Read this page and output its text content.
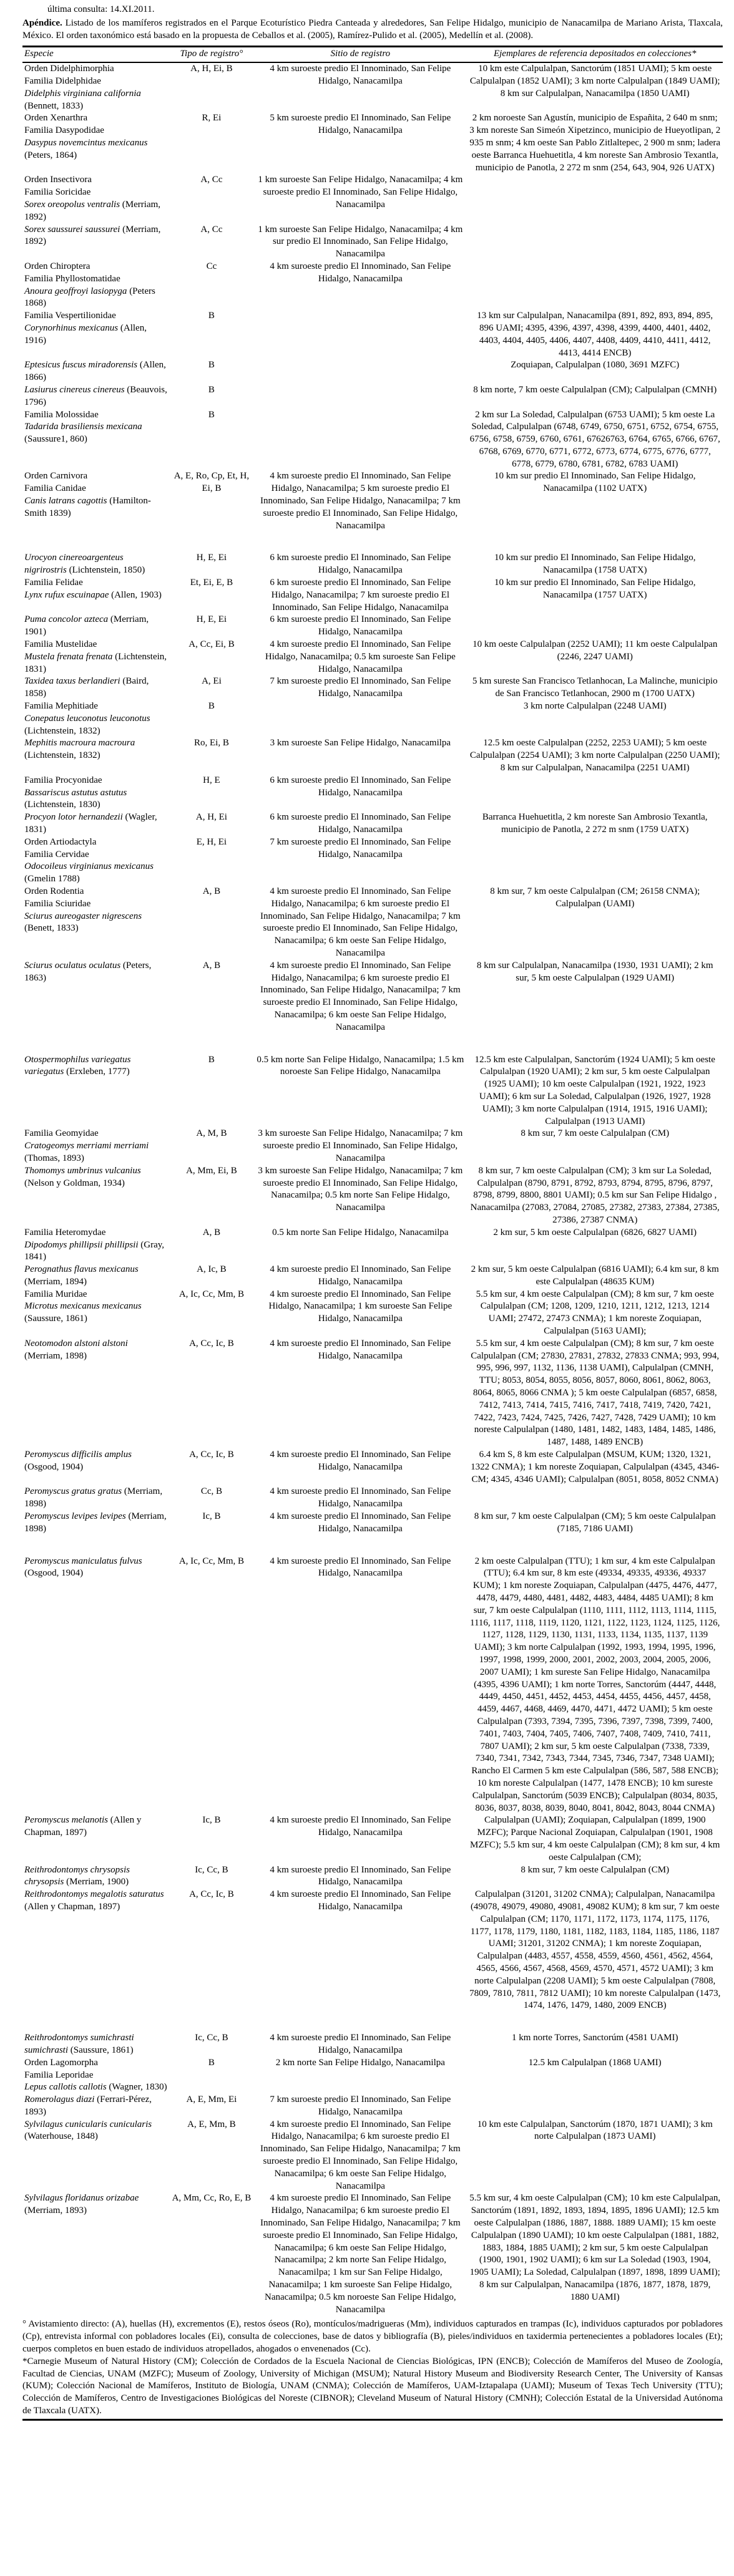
última consulta: 14.XI.2011.

Apéndice. Listado de los mamíferos registrados en el Parque Ecoturístico Piedra Canteada y alrededores, San Felipe Hidalgo, municipio de Nanacamilpa de Mariano Arista, Tlaxcala, México. El orden taxonómico está basado en la propuesta de Ceballos et al. (2005), Ramírez-Pulido et al. (2005), Medellín et al. (2008).

Especie	Tipo de registro°	Sitio de registro	Ejemplares de referencia depositados en colecciones*

Orden Didelphimorphia
Familia Didelphidae
Didelphis virginiana california (Bennett, 1833)	A, H, Ei, B	4 km suroeste predio El Innominado, San Felipe Hidalgo, Nanacamilpa	10 km este Calpulalpan, Sanctorúm (1851 UAMI); 5 km oeste Calpulalpan (1852 UAMI); 3 km norte Calpulalpan (1849 UAMI); 8 km sur Calpulalpan, Nanacamilpa (1850 UAMI)

Orden Xenarthra
Familia Dasypodidae
Dasypus novemcintus mexicanus (Peters, 1864)
	R, Ei	5 km suroeste predio El Innominado, San Felipe Hidalgo, Nanacamilpa	2 km noroeste San Agustín, municipio de Españita, 2 640 m snm; 3 km noreste San Simeón Xipetzinco, municipio de Hueyotlipan, 2 935 m snm; 4 km oeste San Pablo Zitlaltepec, 2 900 m snm; ladera oeste Barranca Huehuetitla, 4 km noreste San Ambrosio Texantla, municipio de Panotla, 2 272 m snm (254, 643, 904, 926 UATX)

Orden Insectivora
Familia Soricidae
Sorex oreopolus ventralis (Merriam, 1892)	A, Cc	1 km suroeste San Felipe Hidalgo, Nanacamilpa; 4 km suroeste predio El Innominado, San Felipe Hidalgo, Nanacamilpa	

Sorex saussurei saussurei (Merriam, 1892)	A, Cc	1 km suroeste San Felipe Hidalgo, Nanacamilpa; 4 km sur predio El Innominado, San Felipe Hidalgo, Nanacamilpa	

Orden Chiroptera
Familia Phyllostomatidae
Anoura geoffroyi lasiopyga (Peters 1868)	Cc	4 km suroeste predio El Innominado, San Felipe Hidalgo, Nanacamilpa	

Familia Vespertilionidae
Corynorhinus mexicanus (Allen, 1916)	B		13 km sur Calpulalpan, Nanacamilpa (891, 892, 893, 894, 895, 896 UAMI; 4395, 4396, 4397, 4398, 4399, 4400, 4401, 4402, 4403, 4404, 4405, 4406, 4407, 4408, 4409, 4410, 4411, 4412, 4413, 4414 ENCB)

Eptesicus fuscus miradorensis (Allen, 1866)	B		Zoquiapan, Calpulalpan (1080, 3691 MZFC)

Lasiurus cinereus cinereus (Beauvois, 1796)	B		8 km norte, 7 km oeste Calpulalpan (CM); Calpulalpan (CMNH)

Familia Molossidae
Tadarida brasiliensis mexicana (Saussure1, 860)	B		2 km sur La Soledad, Calpulalpan (6753 UAMI); 5 km oeste La Soledad, Calpulalpan (6748, 6749, 6750, 6751, 6752, 6754, 6755, 6756, 6758, 6759, 6760, 6761, 67626763, 6764, 6765, 6766, 6767, 6768, 6769, 6770, 6771, 6772, 6773, 6774, 6775, 6776, 6777, 6778, 6779, 6780, 6781, 6782, 6783 UAMI)

Orden Carnivora
Familia Canidae
Canis latrans cagottis (Hamilton-Smith 1839)
	A, E, Ro, Cp, Et, H, Ei, B	4 km suroeste predio El Innominado, San Felipe Hidalgo, Nanacamilpa; 5 km suroeste predio El Innominado, San Felipe Hidalgo, Nanacamilpa; 7 km suroeste predio El Innominado, San Felipe Hidalgo, Nanacamilpa	10 km sur predio El Innominado, San Felipe Hidalgo, Nanacamilpa (1102 UATX)

Urocyon cinereoargenteus nigrirostris (Lichtenstein, 1850)	H, E, Ei	6 km suroeste predio El Innominado, San Felipe Hidalgo, Nanacamilpa	10 km sur predio El Innominado, San Felipe Hidalgo, Nanacamilpa (1758 UATX)

Familia Felidae
Lynx rufux escuinapae (Allen, 1903)	Et, Ei, E, B	6 km suroeste predio El Innominado, San Felipe Hidalgo, Nanacamilpa; 7 km suroeste predio El Innominado, San Felipe Hidalgo, Nanacamilpa	10 km sur predio El Innominado, San Felipe Hidalgo, Nanacamilpa (1757 UATX)

Puma concolor azteca (Merriam, 1901)	H, E, Ei	6 km suroeste predio El Innominado, San Felipe Hidalgo, Nanacamilpa	

Familia Mustelidae
Mustela frenata frenata (Lichtenstein, 1831)	A, Cc, Ei, B	4 km suroeste predio El Innominado, San Felipe Hidalgo, Nanacamilpa; 0.5 km suroeste San Felipe Hidalgo, Nanacamilpa	10 km oeste Calpulalpan (2252 UAMI); 11 km oeste Calpulalpan (2246, 2247 UAMI)

Taxidea taxus berlandieri (Baird, 1858)	A, Ei	7 km suroeste predio El Innominado, San Felipe Hidalgo, Nanacamilpa	5 km sureste San Francisco Tetlanhocan, La Malinche, municipio de San Francisco Tetlanhocan, 2900 m (1700 UATX)

Familia Mephitiade
Conepatus leuconotus leuconotus (Lichtenstein, 1832)	B		3 km norte Calpulalpan (2248 UAMI)

Mephitis macroura macroura (Lichtenstein, 1832)	Ro, Ei, B	3 km suroeste San Felipe Hidalgo, Nanacamilpa	12.5 km oeste Calpulalpan (2252, 2253 UAMI); 5 km oeste Calpulalpan (2254 UAMI); 3 km norte Calpulalpan (2250 UAMI); 8 km sur Calpulalpan, Nanacamilpa (2251 UAMI)

Familia Procyonidae
Bassariscus astutus astutus (Lichtenstein, 1830)	H, E	6 km suroeste predio El Innominado, San Felipe Hidalgo, Nanacamilpa	

Procyon lotor hernandezii (Wagler, 1831)	A, H, Ei	6 km suroeste predio El Innominado, San Felipe Hidalgo, Nanacamilpa	Barranca Huehuetitla, 2 km noreste San Ambrosio Texantla, municipio de Panotla, 2 272 m snm (1759 UATX)

Orden Artiodactyla
Familia Cervidae
Odocoileus virginianus mexicanus (Gmelin 1788)	E, H, Ei	7 km suroeste predio El Innominado, San Felipe Hidalgo, Nanacamilpa	

Orden Rodentia
Familia Sciuridae
Sciurus aureogaster nigrescens (Benett, 1833)
	A, B	4 km suroeste predio El Innominado, San Felipe Hidalgo, Nanacamilpa; 6 km suroeste predio El Innominado, San Felipe Hidalgo, Nanacamilpa; 7 km suroeste predio El Innominado, San Felipe Hidalgo, Nanacamilpa; 6 km oeste San Felipe Hidalgo, Nanacamilpa	8 km sur, 7 km oeste Calpulalpan (CM; 26158 CNMA); Calpulalpan (UAMI)

Sciurus oculatus oculatus (Peters, 1863)	A, B	4 km suroeste predio El Innominado, San Felipe Hidalgo, Nanacamilpa; 6 km suroeste predio El Innominado, San Felipe Hidalgo, Nanacamilpa; 7 km suroeste predio El Innominado, San Felipe Hidalgo, Nanacamilpa; 6 km oeste San Felipe Hidalgo, Nanacamilpa	8 km sur Calpulalpan, Nanacamilpa (1930, 1931 UAMI); 2 km sur, 5 km oeste Calpulalpan (1929 UAMI)

Otospermophilus variegatus variegatus (Erxleben, 1777)	B	0.5 km norte San Felipe Hidalgo, Nanacamilpa; 1.5 km noroeste San Felipe Hidalgo, Nanacamilpa	12.5 km este Calpulalpan, Sanctorúm (1924 UAMI); 5 km oeste Calpulalpan (1920 UAMI); 2 km sur, 5 km oeste Calpulalpan (1925 UAMI); 10 km oeste Calpulalpan (1921, 1922, 1923 UAMI); 6 km sur La Soledad, Calpulalpan (1926, 1927, 1928 UAMI); 3 km norte Calpulalpan (1914, 1915, 1916 UAMI); Calpulalpan (1913 UAMI)

Familia Geomyidae
Cratogeomys merriami merriami (Thomas, 1893)	A, M, B	3 km suroeste San Felipe Hidalgo, Nanacamilpa; 7 km suroeste predio El Innominado, San Felipe Hidalgo, Nanacamilpa	8 km sur, 7 km oeste Calpulalpan (CM)

Thomomys umbrinus vulcanius (Nelson y Goldman, 1934)	A, Mm, Ei, B	3 km suroeste San Felipe Hidalgo, Nanacamilpa; 7 km suroeste predio El Innominado, San Felipe Hidalgo, Nanacamilpa; 0.5 km norte San Felipe Hidalgo, Nanacamilpa	8 km sur, 7 km oeste Calpulalpan (CM); 3 km sur La Soledad, Calpulalpan (8790, 8791, 8792, 8793, 8794, 8795, 8796, 8797, 8798, 8799, 8800, 8801 UAMI); 0.5 km sur San Felipe Hidalgo , Nanacamilpa (27083, 27084, 27085, 27382, 27383, 27384, 27385, 27386, 27387 CNMA)

Familia Heteromydae
Dipodomys phillipsii phillipsii (Gray, 1841)	A, B	0.5 km norte San Felipe Hidalgo, Nanacamilpa	2 km sur, 5 km oeste Calpulalpan (6826, 6827 UAMI)

Perognathus flavus mexicanus (Merriam, 1894)	A, Ic, B	4 km suroeste predio El Innominado, San Felipe Hidalgo, Nanacamilpa	2 km sur, 5 km oeste Calpulalpan (6816 UAMI); 6.4 km sur, 8 km este Calpulalpan (48635 KUM)

Familia Muridae
Microtus mexicanus mexicanus (Saussure, 1861)	A, Ic, Cc, Mm, B	4 km suroeste predio El Innominado, San Felipe Hidalgo, Nanacamilpa; 1 km suroeste San Felipe Hidalgo, Nanacamilpa	5.5 km sur, 4 km oeste Calpulalpan (CM); 8 km sur, 7 km oeste Calpulalpan (CM; 1208, 1209, 1210, 1211, 1212, 1213, 1214 UAMI; 27472, 27473 CNMA); 1 km noreste Zoquiapan, Calpulalpan (5163 UAMI);

Neotomodon alstoni alstoni (Merriam, 1898)	A, Cc, Ic, B	4 km suroeste predio El Innominado, San Felipe Hidalgo, Nanacamilpa	5.5 km sur, 4 km oeste Calpulalpan (CM); 8 km sur, 7 km oeste Calpulalpan (CM; 27830, 27831, 27832, 27833 CNMA; 993, 994, 995, 996, 997, 1132, 1136, 1138 UAMI), Calpulalpan (CMNH, TTU; 8053, 8054, 8055, 8056, 8057, 8060, 8061, 8062, 8063, 8064, 8065, 8066 CNMA ); 5 km oeste Calpulalpan (6857, 6858, 7412, 7413, 7414, 7415, 7416, 7417, 7418, 7419, 7420, 7421, 7422, 7423, 7424, 7425, 7426, 7427, 7428, 7429 UAMI); 10 km noreste Calpulalpan (1480, 1481, 1482, 1483, 1484, 1485, 1486, 1487, 1488, 1489 ENCB)

Peromyscus difficilis amplus (Osgood, 1904)	A, Cc, Ic, B	4 km suroeste predio El Innominado, San Felipe Hidalgo, Nanacamilpa	6.4 km S, 8 km este Calpulalpan (MSUM, KUM; 1320, 1321, 1322 CNMA); 1 km noreste Zoquiapan, Calpulalpan (4345, 4346-CM; 4345, 4346 UAMI); Calpulalpan (8051, 8058, 8052 CNMA)

Peromyscus gratus gratus (Merriam, 1898)	Cc, B	4 km suroeste predio El Innominado, San Felipe Hidalgo, Nanacamilpa	

Peromyscus levipes levipes (Merriam, 1898)	Ic, B	4 km suroeste predio El Innominado, San Felipe Hidalgo, Nanacamilpa	8 km sur, 7 km oeste Calpulalpan (CM); 5 km oeste Calpulalpan (7185, 7186 UAMI)

Peromyscus maniculatus fulvus (Osgood, 1904)	A, Ic, Cc, Mm, B	4 km suroeste predio El Innominado, San Felipe Hidalgo, Nanacamilpa	2 km oeste Calpulalpan (TTU); 1 km sur, 4 km este Calpulalpan (TTU); 6.4 km sur, 8 km este (49334, 49335, 49336, 49337 KUM); 1 km noreste Zoquiapan, Calpulalpan (4475, 4476, 4477, 4478, 4479, 4480, 4481, 4482, 4483, 4484, 4485 UAMI); 8 km sur, 7 km oeste Calpulalpan (1110, 1111, 1112, 1113, 1114, 1115, 1116, 1117, 1118, 1119, 1120, 1121, 1122, 1123, 1124, 1125, 1126, 1127, 1128, 1129, 1130, 1131, 1133, 1134, 1135, 1137, 1139 UAMI); 3 km norte Calpulalpan (1992, 1993, 1994, 1995, 1996, 1997, 1998, 1999, 2000, 2001, 2002, 2003, 2004, 2005, 2006, 2007 UAMI); 1 km sureste San Felipe Hidalgo, Nanacamilpa (4395, 4396 UAMI); 1 km norte Torres, Sanctorúm (4447, 4448, 4449, 4450, 4451, 4452, 4453, 4454, 4455, 4456, 4457, 4458, 4459, 4467, 4468, 4469, 4470, 4471, 4472 UAMI); 5 km oeste Calpulalpan (7393, 7394, 7395, 7396, 7397, 7398, 7399, 7400, 7401, 7403, 7404, 7405, 7406, 7407, 7408, 7409, 7410, 7411, 7807 UAMI); 2 km sur, 5 km oeste Calpulalpan (7338, 7339, 7340, 7341, 7342, 7343, 7344, 7345, 7346, 7347, 7348 UAMI); Rancho El Carmen 5 km este Calpulalpan (586, 587, 588 ENCB); 10 km noreste Calpulalpan (1477, 1478 ENCB); 10 km sureste Calpulalpan, Sanctorúm (5039 ENCB); Calpulalpan (8034, 8035, 8036, 8037, 8038, 8039, 8040, 8041, 8042, 8043, 8044 CNMA)

Peromyscus melanotis (Allen y Chapman, 1897)	Ic, B	4 km suroeste predio El Innominado, San Felipe Hidalgo, Nanacamilpa	Calpulalpan (UAMI); Zoquiapan, Calpulalpan (1899, 1900 MZFC); Parque Nacional Zoquiapan, Calpulalpan (1901, 1908 MZFC); 5.5 km sur, 4 km oeste Calpulalpan (CM); 8 km sur, 4 km oeste Calpulalpan (CM);

Reithrodontomys chrysopsis chrysopsis (Merriam, 1900)	Ic, Cc, B	4 km suroeste predio El Innominado, San Felipe Hidalgo, Nanacamilpa	8 km sur, 7 km oeste Calpulalpan (CM)

Reithrodontomys megalotis saturatus (Allen y Chapman, 1897)	A, Cc, Ic, B	4 km suroeste predio El Innominado, San Felipe Hidalgo, Nanacamilpa	Calpulalpan (31201, 31202 CNMA); Calpulalpan, Nanacamilpa (49078, 49079, 49080, 49081, 49082 KUM); 8 km sur, 7 km oeste Calpulalpan (CM; 1170, 1171, 1172, 1173, 1174, 1175, 1176, 1177, 1178, 1179, 1180, 1181, 1182, 1183, 1184, 1185, 1186, 1187 UAMI; 31201, 31202 CNMA); 1 km noreste Zoquiapan, Calpulalpan (4483, 4557, 4558, 4559, 4560, 4561, 4562, 4564, 4565, 4566, 4567, 4568, 4569, 4570, 4571, 4572 UAMI); 3 km norte Calpulalpan (2208 UAMI); 5 km oeste Calpulalpan (7808, 7809, 7810, 7811, 7812 UAMI); 10 km noreste Calpulalpan (1473, 1474, 1476, 1479, 1480, 2009 ENCB)

Reithrodontomys sumichrasti sumichrasti (Saussure, 1861)	Ic, Cc, B	4 km suroeste predio El Innominado, San Felipe Hidalgo, Nanacamilpa	1 km norte Torres, Sanctorúm (4581 UAMI)

Orden Lagomorpha
Familia Leporidae
Lepus callotis callotis (Wagner, 1830)	B	2 km norte San Felipe Hidalgo, Nanacamilpa	12.5 km Calpulalpan (1868 UAMI)

Romerolagus diazi (Ferrari-Pérez, 1893)	A, E, Mm, Ei	7 km suroeste predio El Innominado, San Felipe Hidalgo, Nanacamilpa	

Sylvilagus cunicularis cunicularis (Waterhouse, 1848)	A, E, Mm, B	4 km suroeste predio El Innominado, San Felipe Hidalgo, Nanacamilpa; 6 km suroeste predio El Innominado, San Felipe Hidalgo, Nanacamilpa; 7 km suroeste predio El Innominado, San Felipe Hidalgo, Nanacamilpa; 6 km oeste San Felipe Hidalgo, Nanacamilpa	10 km este Calpulalpan, Sanctorúm (1870, 1871 UAMI); 3 km norte Calpulalpan (1873 UAMI)

Sylvilagus floridanus orizabae (Merriam, 1893)
	A, Mm, Cc, Ro, E, B	4 km suroeste predio El Innominado, San Felipe Hidalgo, Nanacamilpa; 6 km suroeste predio El Innominado, San Felipe Hidalgo, Nanacamilpa; 7 km suroeste predio El Innominado, San Felipe Hidalgo, Nanacamilpa; 6 km oeste San Felipe Hidalgo, Nanacamilpa; 2 km norte San Felipe Hidalgo, Nanacamilpa; 1 km sur San Felipe Hidalgo, Nanacamilpa; 1 km suroeste San Felipe Hidalgo, Nanacamilpa; 0.5 km noroeste San Felipe Hidalgo, Nanacamilpa	5.5 km sur, 4 km oeste Calpulalpan (CM); 10 km este Calpulalpan, Sanctorúm (1891, 1892, 1893, 1894, 1895, 1896 UAMI); 12.5 km oeste Calpulalpan (1886, 1887, 1888. 1889 UAMI); 15 km oeste Calpulalpan (1890 UAMI); 10 km oeste Calpulalpan (1881, 1882, 1883, 1884, 1885 UAMI); 2 km sur, 5 km oeste Calpulalpan (1900, 1901, 1902 UAMI); 6 km sur La Soledad (1903, 1904, 1905 UAMI); La Soledad, Calpulalpan (1897, 1898, 1899 UAMI); 8 km sur Calpulalpan, Nanacamilpa (1876, 1877, 1878, 1879, 1880 UAMI)

° Avistamiento directo: (A), huellas (H), excrementos (E), restos óseos (Ro), montículos/madrigueras (Mm), individuos capturados en trampas (Ic), individuos capturados por pobladores (Cp), entrevista informal con pobladores locales (Ei), consulta de colecciones, base de datos y bibliografía (B), pieles/individuos en taxidermia pertenecientes a pobladores locales (Et); cuerpos completos en buen estado de individuos atropellados, ahogados o envenenados (Cc).

*Carnegie Museum of Natural History (CM); Colección de Cordados de la Escuela Nacional de Ciencias Biológicas, IPN (ENCB); Colección de Mamíferos del Museo de Zoología, Facultad de Ciencias, UNAM (MZFC); Museum of Zoology, University of Michigan (MSUM); Natural History Museum and Biodiversity Research Center, The University of Kansas (KUM); Colección Nacional de Mamíferos, Instituto de Biología, UNAM (CNMA); Colección de Mamíferos, UAM-Iztapalapa (UAMI); Museum of Texas Tech University (TTU); Colección de Mamíferos, Centro de Investigaciones Biológicas del Noreste (CIBNOR); Cleveland Museum of Natural History (CMNH); Colección Estatal de la Universidad Autónoma de Tlaxcala (UATX).
